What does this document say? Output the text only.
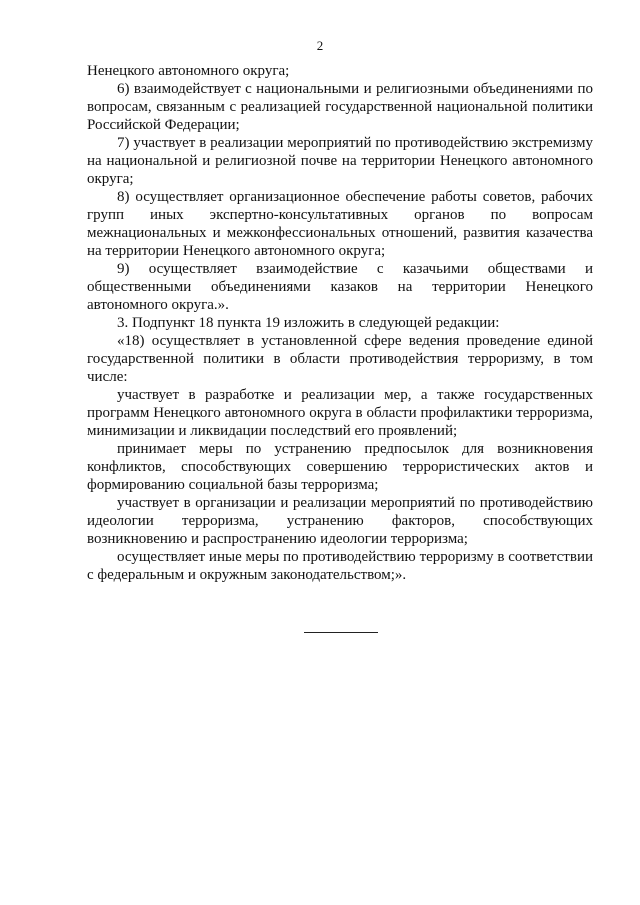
2

Ненецкого автономного округа;

6) взаимодействует с национальными и религиозными объединениями по вопросам, связанным с реализацией государственной национальной политики Российской Федерации;

7) участвует в реализации мероприятий по противодействию экстремизму на национальной и религиозной почве на территории Ненецкого автономного округа;

8) осуществляет организационное обеспечение работы советов, рабочих групп иных экспертно-консультативных органов по вопросам межнациональных и межконфессиональных отношений, развития казачества на территории Ненецкого автономного округа;

9) осуществляет взаимодействие с казачьими обществами и общественными объединениями казаков на территории Ненецкого автономного округа.».

3. Подпункт 18 пункта 19 изложить в следующей редакции:

«18) осуществляет в установленной сфере ведения проведение единой государственной политики в области противодействия терроризму, в том числе:

участвует в разработке и реализации мер, а также государственных программ Ненецкого автономного округа в области профилактики терроризма, минимизации и ликвидации последствий его проявлений;

принимает меры по устранению предпосылок для возникновения конфликтов, способствующих совершению террористических актов и формированию социальной базы терроризма;

участвует в организации и реализации мероприятий по противодействию идеологии терроризма, устранению факторов, способствующих возникновению и распространению идеологии терроризма;

осуществляет иные меры по противодействию терроризму в соответствии с федеральным и окружным законодательством;».
